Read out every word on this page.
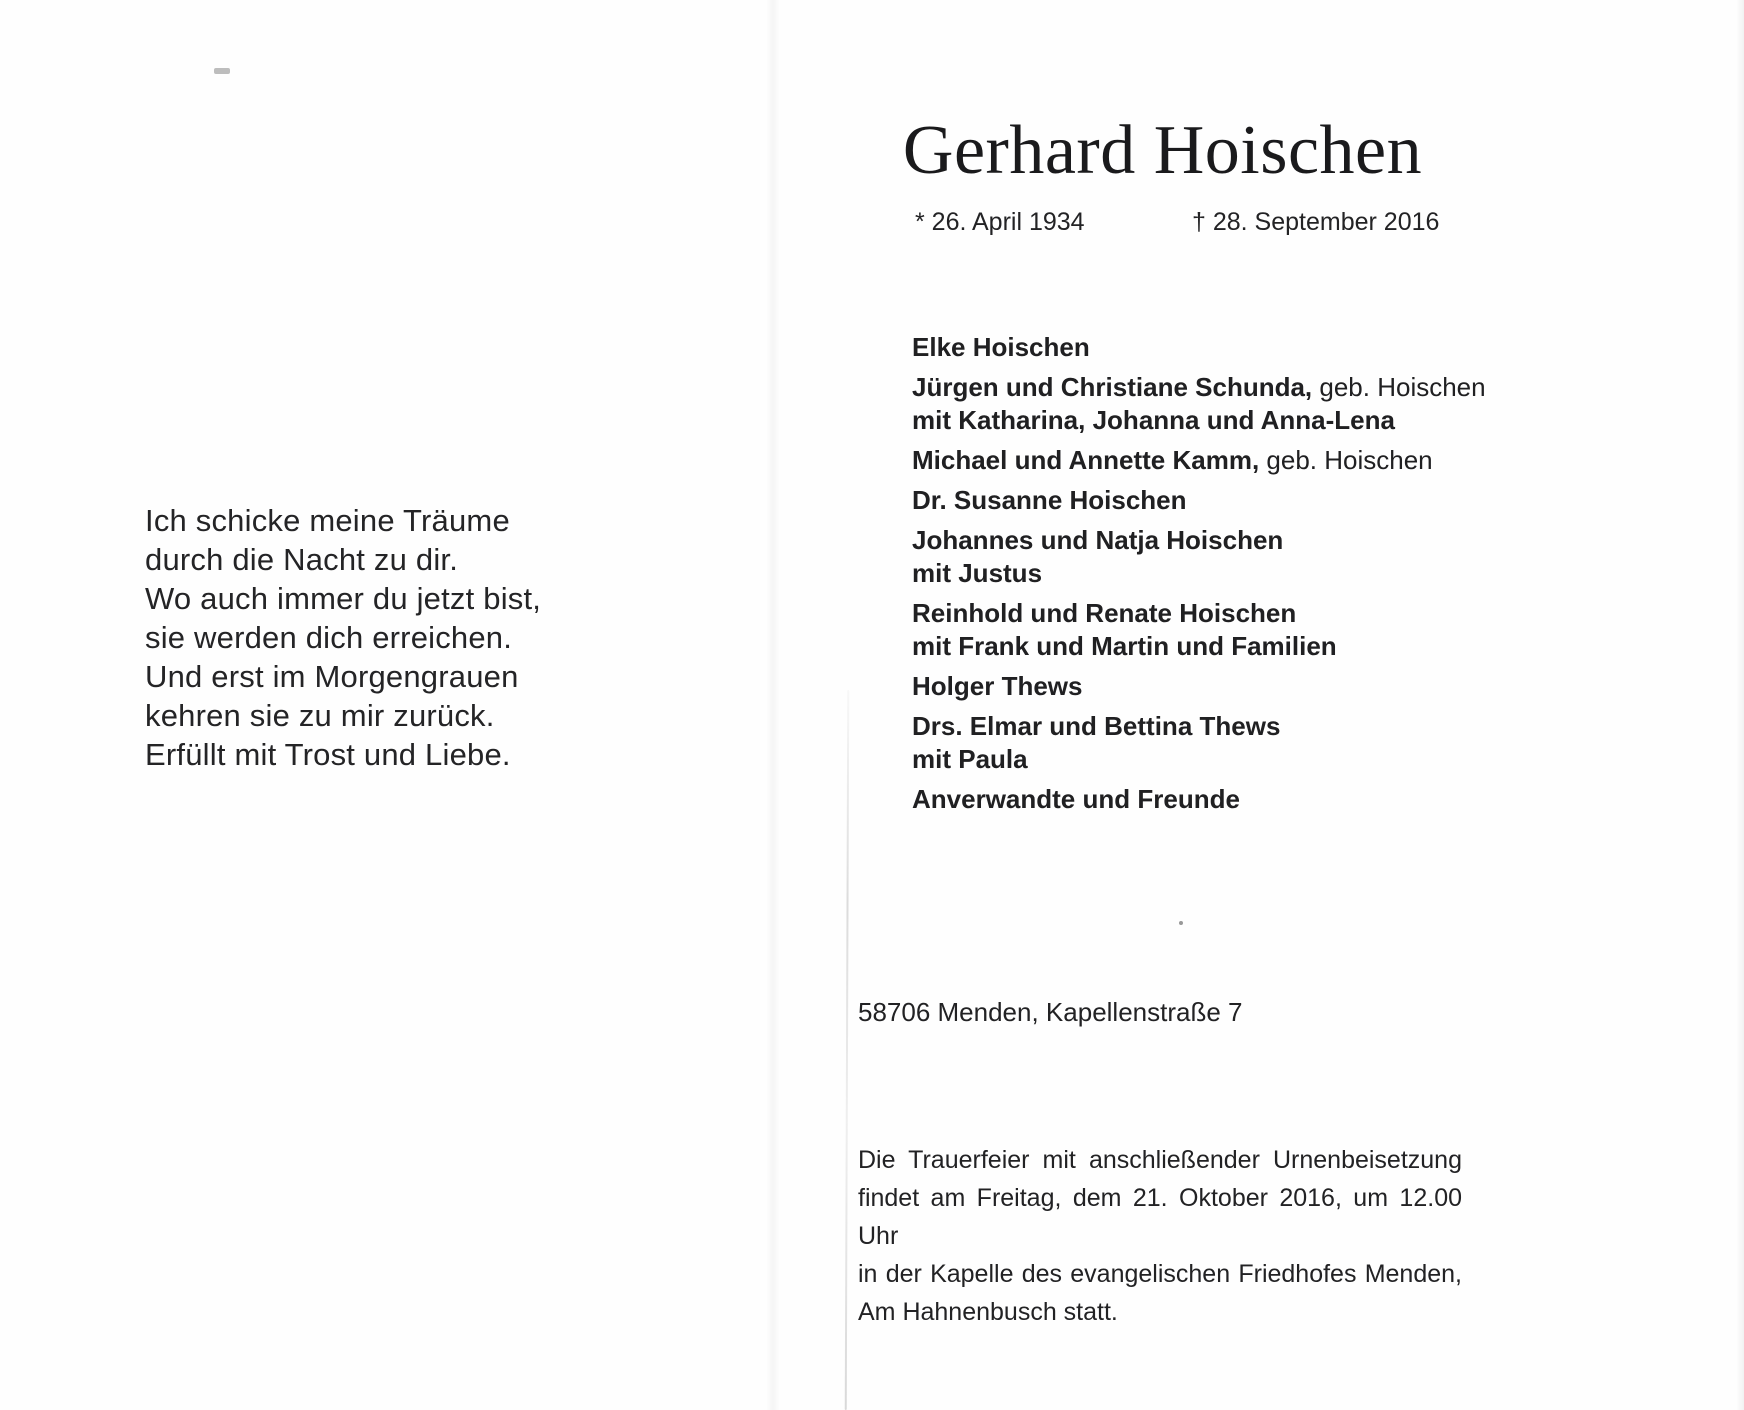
Ich schicke meine Träume
durch die Nacht zu dir.
Wo auch immer du jetzt bist,
sie werden dich erreichen.
Und erst im Morgengrauen
kehren sie zu mir zurück.
Erfüllt mit Trost und Liebe.
Gerhard Hoischen
* 26. April 1934	† 28. September 2016
Elke Hoischen
Jürgen und Christiane Schunda, geb. Hoischen
mit Katharina, Johanna und Anna-Lena
Michael und Annette Kamm, geb. Hoischen
Dr. Susanne Hoischen
Johannes und Natja Hoischen
mit Justus
Reinhold und Renate Hoischen
mit Frank und Martin und Familien
Holger Thews
Drs. Elmar und Bettina Thews
mit Paula
Anverwandte und Freunde
58706 Menden, Kapellenstraße 7
Die Trauerfeier mit anschließender Urnenbeisetzung
findet am Freitag, dem 21. Oktober 2016, um 12.00 Uhr
in der Kapelle des evangelischen Friedhofes Menden,
Am Hahnenbusch statt.
